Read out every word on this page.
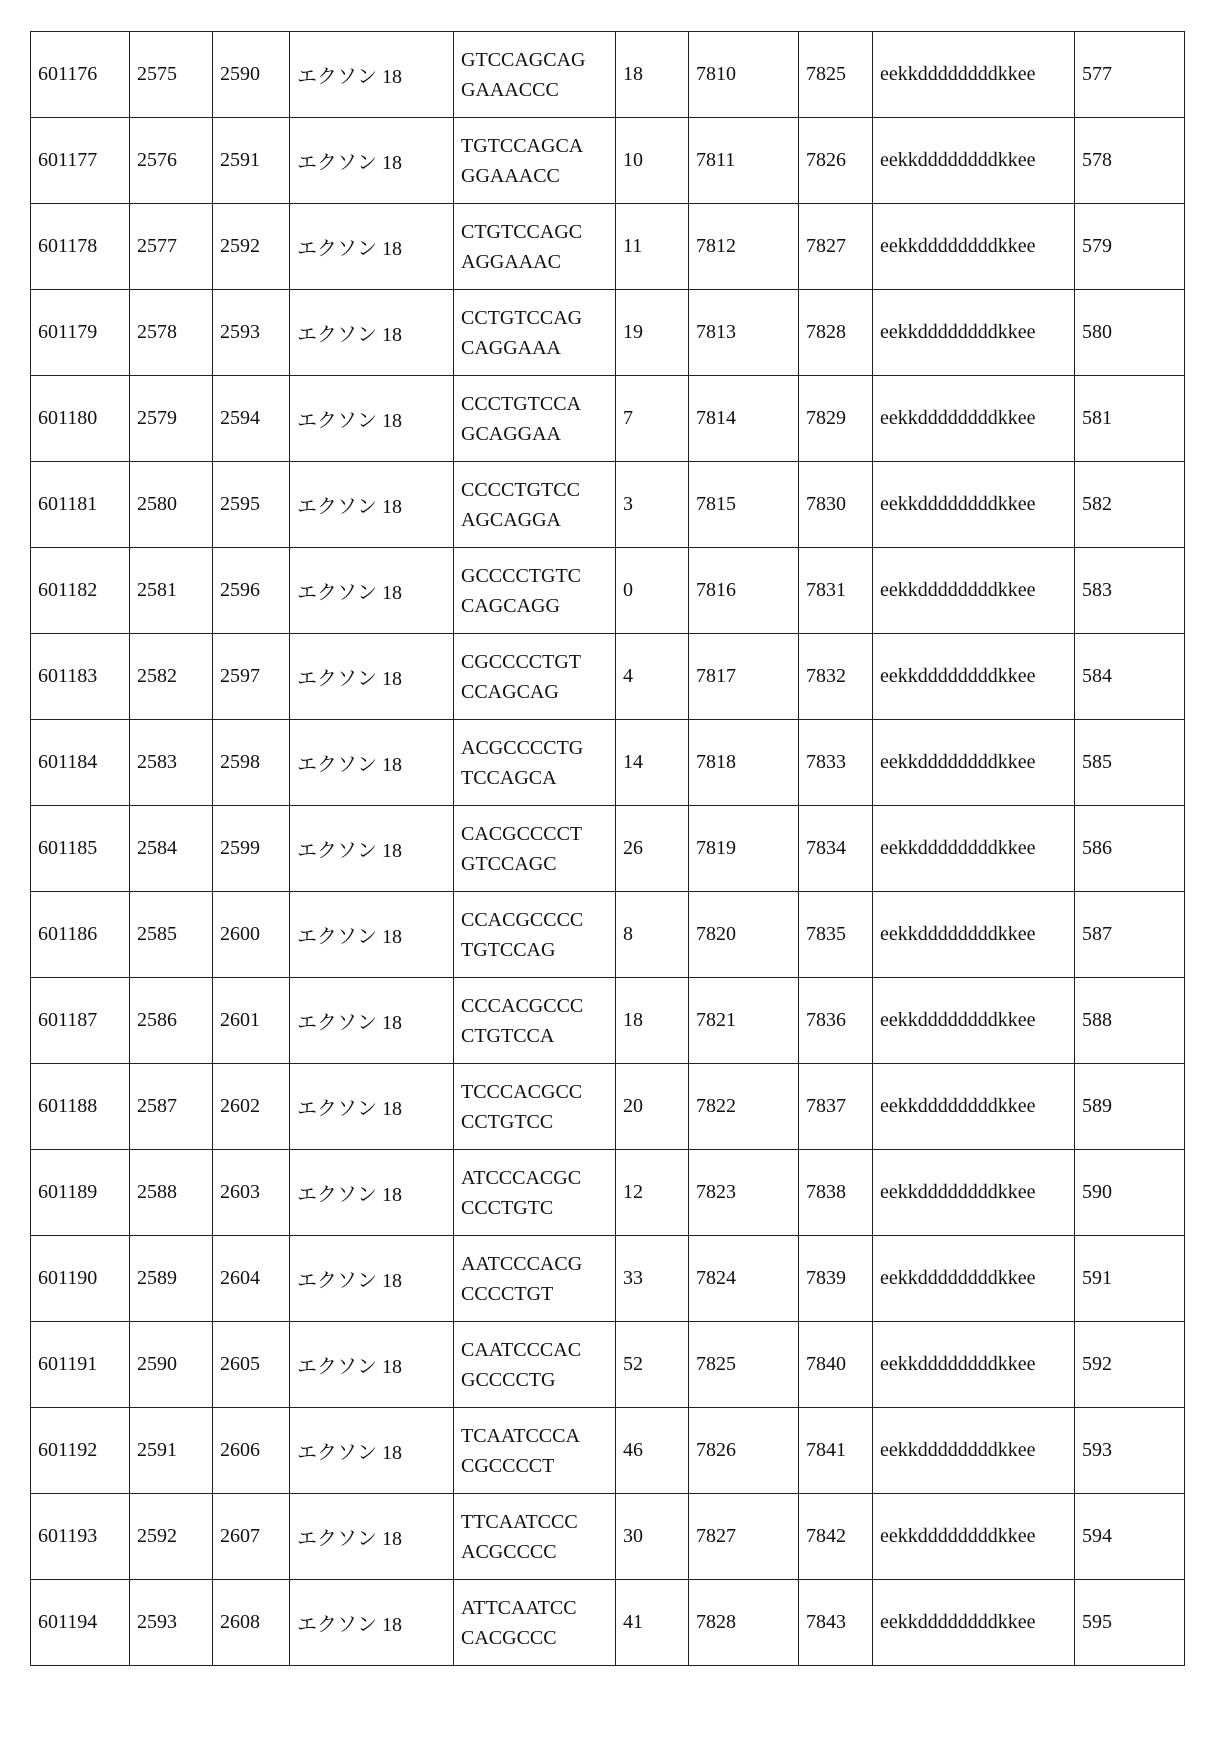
601176	2575	2590	エクソン 18	
GTCCAGCAG
GAAACCC
	18	7810	7825	eekkddddddddkkee	577
601177	2576	2591	エクソン 18	
TGTCCAGCA
GGAAACC
	10	7811	7826	eekkddddddddkkee	578
601178	2577	2592	エクソン 18	
CTGTCCAGC
AGGAAAC
	11	7812	7827	eekkddddddddkkee	579
601179	2578	2593	エクソン 18	
CCTGTCCAG
CAGGAAA
	19	7813	7828	eekkddddddddkkee	580
601180	2579	2594	エクソン 18	
CCCTGTCCA
GCAGGAA
	7	7814	7829	eekkddddddddkkee	581
601181	2580	2595	エクソン 18	
CCCCTGTCC
AGCAGGA
	3	7815	7830	eekkddddddddkkee	582
601182	2581	2596	エクソン 18	
GCCCCTGTC
CAGCAGG
	0	7816	7831	eekkddddddddkkee	583
601183	2582	2597	エクソン 18	
CGCCCCTGT
CCAGCAG
	4	7817	7832	eekkddddddddkkee	584
601184	2583	2598	エクソン 18	
ACGCCCCTG
TCCAGCA
	14	7818	7833	eekkddddddddkkee	585
601185	2584	2599	エクソン 18	
CACGCCCCT
GTCCAGC
	26	7819	7834	eekkddddddddkkee	586
601186	2585	2600	エクソン 18	
CCACGCCCC
TGTCCAG
	8	7820	7835	eekkddddddddkkee	587
601187	2586	2601	エクソン 18	
CCCACGCCC
CTGTCCA
	18	7821	7836	eekkddddddddkkee	588
601188	2587	2602	エクソン 18	
TCCCACGCC
CCTGTCC
	20	7822	7837	eekkddddddddkkee	589
601189	2588	2603	エクソン 18	
ATCCCACGC
CCCTGTC
	12	7823	7838	eekkddddddddkkee	590
601190	2589	2604	エクソン 18	
AATCCCACG
CCCCTGT
	33	7824	7839	eekkddddddddkkee	591
601191	2590	2605	エクソン 18	
CAATCCCAC
GCCCCTG
	52	7825	7840	eekkddddddddkkee	592
601192	2591	2606	エクソン 18	
TCAATCCCA
CGCCCCT
	46	7826	7841	eekkddddddddkkee	593
601193	2592	2607	エクソン 18	
TTCAATCCC
ACGCCCC
	30	7827	7842	eekkddddddddkkee	594
601194	2593	2608	エクソン 18	
ATTCAATCC
CACGCCC
	41	7828	7843	eekkddddddddkkee	595
